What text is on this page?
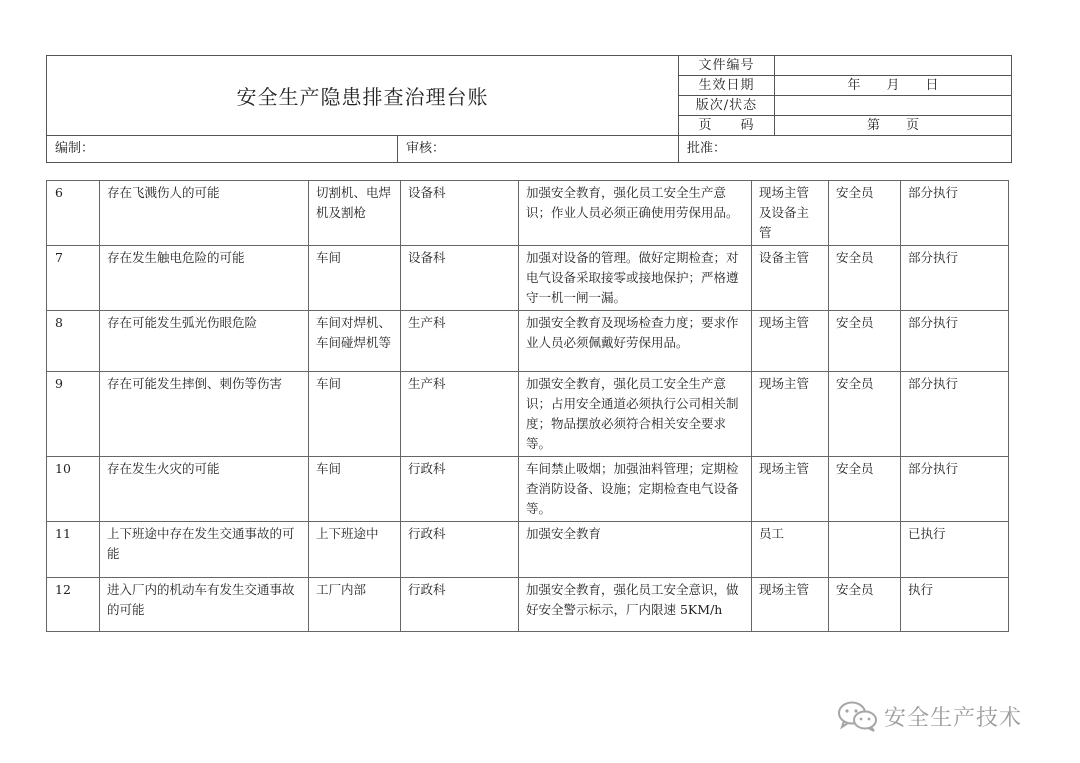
安全生产隐患排查治理台账		文件编号	
		生效日期	年　　月　　日
		版次/状态	
		页　　码	第　　页
编制：	审核：	批准：	
6	存在飞溅伤人的可能	切割机、电焊机及割枪	设备科	加强安全教育，强化员工安全生产意识；作业人员必须正确使用劳保用品。	现场主管及设备主管	安全员	部分执行
7	存在发生触电危险的可能	车间	设备科	加强对设备的管理。做好定期检查；对电气设备采取接零或接地保护；严格遵守一机一闸一漏。	设备主管	安全员	部分执行
8	存在可能发生弧光伤眼危险	车间对焊机、车间碰焊机等	生产科	加强安全教育及现场检查力度；要求作业人员必须佩戴好劳保用品。	现场主管	安全员	部分执行
9	存在可能发生摔倒、刺伤等伤害	车间	生产科	加强安全教育，强化员工安全生产意识；占用安全通道必须执行公司相关制度；物品摆放必须符合相关安全要求等。	现场主管	安全员	部分执行
10	存在发生火灾的可能	车间	行政科	车间禁止吸烟；加强油料管理；定期检查消防设备、设施；定期检查电气设备等。	现场主管	安全员	部分执行
11	上下班途中存在发生交通事故的可能	上下班途中	行政科	加强安全教育	员工		已执行
12	进入厂内的机动车有发生交通事故的可能	工厂内部	行政科	加强安全教育，强化员工安全意识，做好安全警示标示，厂内限速 5KM/h	现场主管	安全员	执行
安全生产技术
